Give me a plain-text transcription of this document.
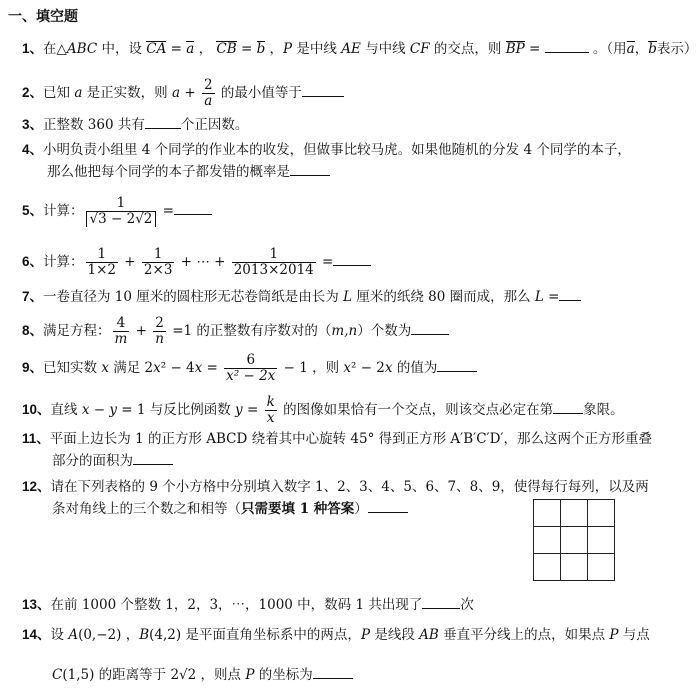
一、填空题
1、在△ABC 中，设 CA = a ， CB = b ，P 是中线 AE 与中线 CF 的交点，则 BP =	。（用a，b表示）
2、已知 a 是正实数，则 $a + \frac{2}{a}$ 的最小值等于
3、正整数 360 共有	个正因数。
4、小明负责小组里 4 个同学的作业本的收发，但做事比较马虎。如果他随机的分发 4 个同学的本子，
那么他把每个同学的本子都发错的概率是
5、计算： $\frac{1}{√3 - 2√2}$ =
6、计算： $\frac{1}{1\times 2} + \frac{1}{2\times 3}$ + ⋯ + $\frac{1}{2013\times 2014}$ =
7、一卷直径为 10 厘米的圆柱形无芯卷筒纸是由长为 L 厘米的纸绕 80 圈而成，那么 L =
8、满足方程： $\frac{4}{m} + \frac{2}{n} =1$ 的正整数有序数对的（m,n）个数为
9、已知实数 x 满足 $2x^2 - 4x = \frac{6}{\text{x² − 2x}} - 1$ ，则 x² − 2x 的值为
10、直线 x − y = 1 与反比例函数 $y = \frac{k}{x}$ 的图像如果恰有一个交点，则该交点必定在第 象限。
11、平面上边长为 1 的正方形 ABCD 绕着其中心旋转 45° 得到正方形 A′B′C′D′，那么这两个正方形重叠
部分的面积为
12、请在下列表格的 9 个小方格中分别填入数字 1、2、3、4、5、6、7、8、9，使得每行每列，以及两
条对角线上的三个数之和相等（只需要填 1 种答案）

13、在前 1000 个整数 1，2，3，⋯，1000 中，数码 1 共出现了	次
14、设 A(0,−2) ，B(4,2) 是平面直角坐标系中的两点，P 是线段 AB 垂直平分线上的点，如果点 P 与点
C(1,5) 的距离等于 2√2 ，则点 P 的坐标为
